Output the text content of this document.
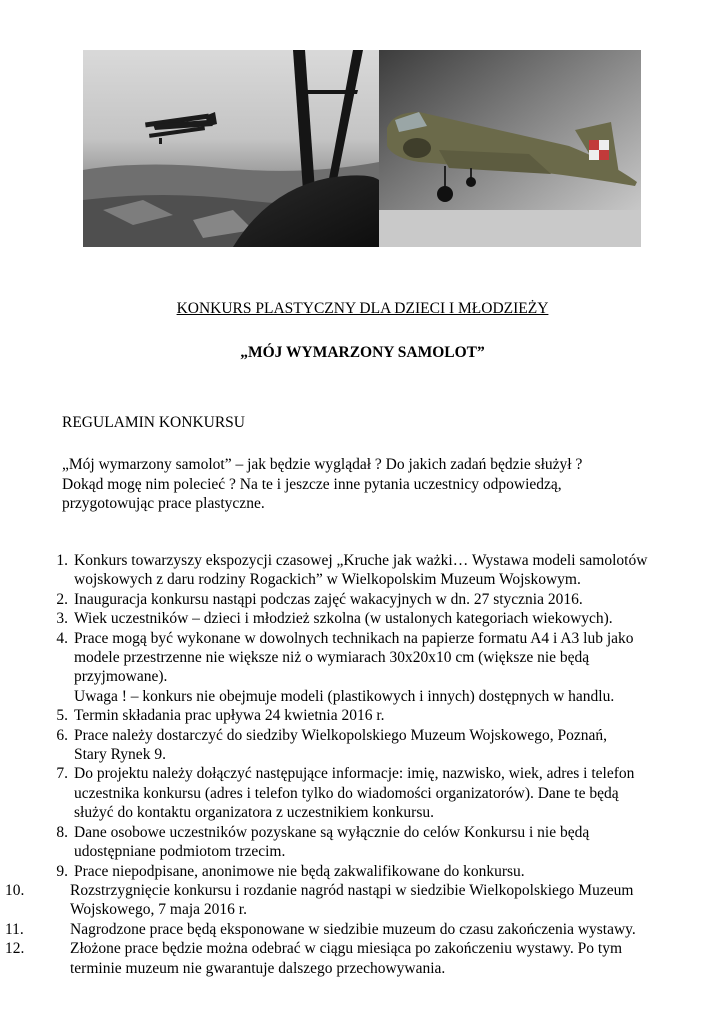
KONKURS PLASTYCZNY DLA DZIECI I MŁODZIEŻY

„MÓJ WYMARZONY SAMOLOT”

REGULAMIN KONKURSU

„Mój wymarzony samolot” – jak będzie wyglądał ? Do jakich zadań będzie służył ?
Dokąd mogę nim polecieć ? Na te i jeszcze inne pytania uczestnicy odpowiedzą,
przygotowując prace plastyczne.
1. Konkurs towarzyszy ekspozycji czasowej „Kruche jak ważki… Wystawa modeli samolotów
wojskowych z daru rodziny Rogackich” w Wielkopolskim Muzeum Wojskowym.
2. Inauguracja konkursu nastąpi podczas zajęć wakacyjnych w dn. 27 stycznia 2016.
3. Wiek uczestników – dzieci i młodzież szkolna (w ustalonych kategoriach wiekowych).
4. Prace mogą być wykonane w dowolnych technikach na papierze formatu A4 i A3 lub jako
modele przestrzenne nie większe niż o wymiarach 30x20x10 cm (większe nie będą
przyjmowane).
Uwaga ! – konkurs nie obejmuje modeli (plastikowych i innych) dostępnych w handlu.
5. Termin składania prac upływa 24 kwietnia 2016 r.
6. Prace należy dostarczyć do siedziby Wielkopolskiego Muzeum Wojskowego, Poznań,
Stary Rynek 9.
7. Do projektu należy dołączyć następujące informacje: imię, nazwisko, wiek, adres i telefon
uczestnika konkursu (adres i telefon tylko do wiadomości organizatorów). Dane te będą
służyć do kontaktu organizatora z uczestnikiem konkursu.
8. Dane osobowe uczestników pozyskane są wyłącznie do celów Konkursu i nie będą
udostępniane podmiotom trzecim.
9. Prace niepodpisane, anonimowe nie będą zakwalifikowane do konkursu.
10.	Rozstrzygnięcie konkursu i rozdanie nagród nastąpi w siedzibie Wielkopolskiego Muzeum
Wojskowego, 7 maja 2016 r.
11.	Nagrodzone prace będą eksponowane w siedzibie muzeum do czasu zakończenia wystawy.
12.	Złożone prace będzie można odebrać w ciągu miesiąca po zakończeniu wystawy. Po tym
terminie muzeum nie gwarantuje dalszego przechowywania.
